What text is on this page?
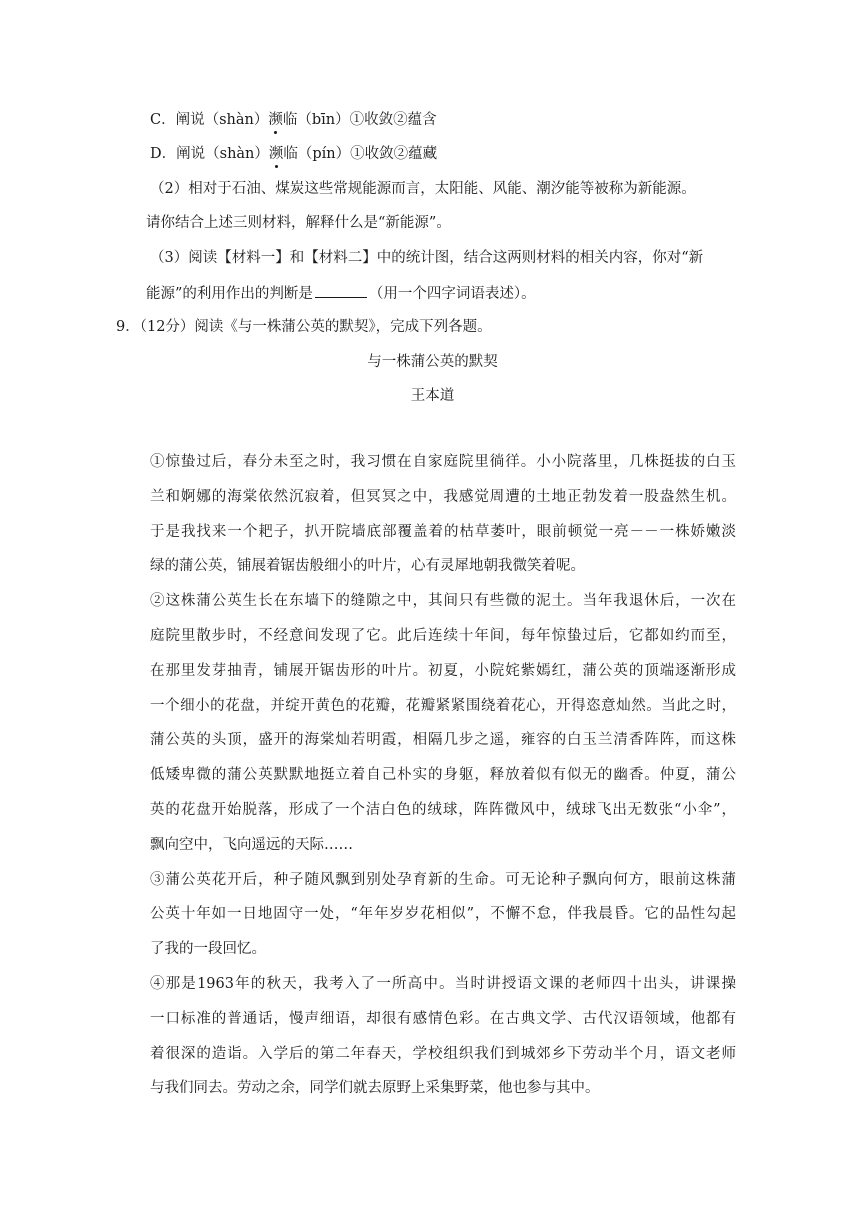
C．阐说（shàn）濒临（bīn）①收敛②蕴含
D．阐说（shàn）濒临（pín）①收敛②蕴藏
（2）相对于石油、煤炭这些常规能源而言，太阳能、风能、潮汐能等被称为新能源。
请你结合上述三则材料，解释什么是“新能源”。
（3）阅读【材料一】和【材料二】中的统计图，结合这两则材料的相关内容，你对“新
能源”的利用作出的判断是	（用一个四字词语表述）。
9．（12分）阅读《与一株蒲公英的默契》，完成下列各题。
与一株蒲公英的默契
王本道

①惊蛰过后，春分未至之时，我习惯在自家庭院里徜徉。小小院落里，几株挺拔的白玉

兰和婀娜的海棠依然沉寂着，但冥冥之中，我感觉周遭的土地正勃发着一股盎然生机。

于是我找来一个耙子，扒开院墙底部覆盖着的枯草萎叶，眼前顿觉一亮－－一株娇嫩淡

绿的蒲公英，铺展着锯齿般细小的叶片，心有灵犀地朝我微笑着呢。

②这株蒲公英生长在东墙下的缝隙之中，其间只有些微的泥土。当年我退休后，一次在

庭院里散步时，不经意间发现了它。此后连续十年间，每年惊蛰过后，它都如约而至，

在那里发芽抽青，铺展开锯齿形的叶片。初夏，小院姹紫嫣红，蒲公英的顶端逐渐形成

一个细小的花盘，并绽开黄色的花瓣，花瓣紧紧围绕着花心，开得恣意灿然。当此之时，

蒲公英的头顶，盛开的海棠灿若明霞，相隔几步之遥，雍容的白玉兰清香阵阵，而这株

低矮卑微的蒲公英默默地挺立着自己朴实的身躯，释放着似有似无的幽香。仲夏，蒲公

英的花盘开始脱落，形成了一个洁白色的绒球，阵阵微风中，绒球飞出无数张“小伞”，

飘向空中，飞向遥远的天际……

③蒲公英花开后，种子随风飘到别处孕育新的生命。可无论种子飘向何方，眼前这株蒲

公英十年如一日地固守一处，“年年岁岁花相似”，不懈不怠，伴我晨昏。它的品性勾起

了我的一段回忆。

④那是1963年的秋天，我考入了一所高中。当时讲授语文课的老师四十出头，讲课操

一口标准的普通话，慢声细语，却很有感情色彩。在古典文学、古代汉语领域，他都有

着很深的造诣。入学后的第二年春天，学校组织我们到城郊乡下劳动半个月，语文老师

与我们同去。劳动之余，同学们就去原野上采集野菜，他也参与其中。
